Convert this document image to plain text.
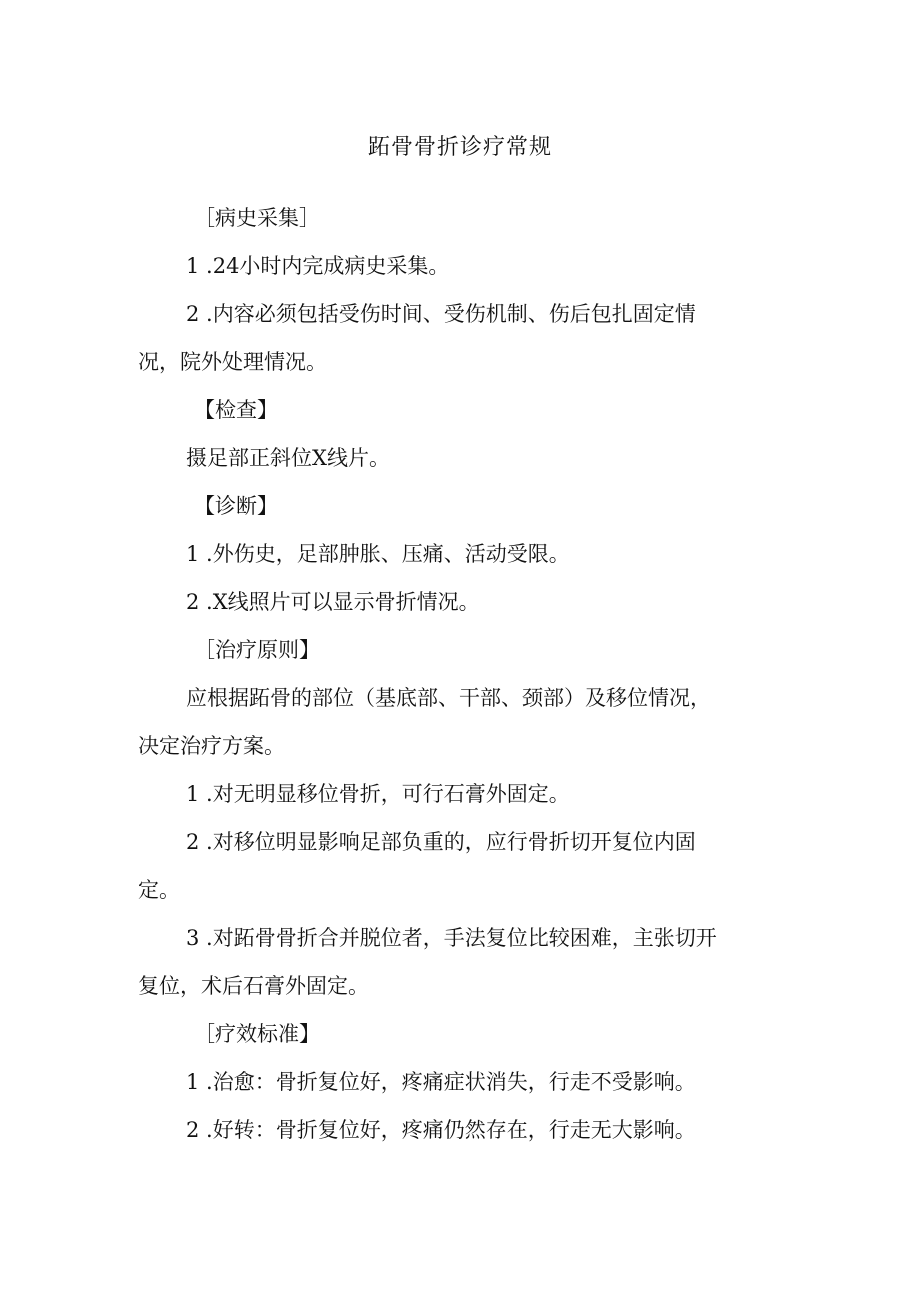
跖骨骨折诊疗常规

［病史采集］

1 .24小时内完成病史采集。

2 .内容必须包括受伤时间、受伤机制、伤后包扎固定情

况，院外处理情况。

【检查】

摄足部正斜位X线片。

【诊断】

1 .外伤史，足部肿胀、压痛、活动受限。

2 .X线照片可以显示骨折情况。

［治疗原则】

应根据跖骨的部位（基底部、干部、颈部）及移位情况，

决定治疗方案。

1 .对无明显移位骨折，可行石膏外固定。

2 .对移位明显影响足部负重的，应行骨折切开复位内固

定。

3 .对跖骨骨折合并脱位者，手法复位比较困难，主张切开

复位，术后石膏外固定。

［疗效标准】

1 .治愈：骨折复位好，疼痛症状消失，行走不受影响。

2 .好转：骨折复位好，疼痛仍然存在，行走无大影响。
